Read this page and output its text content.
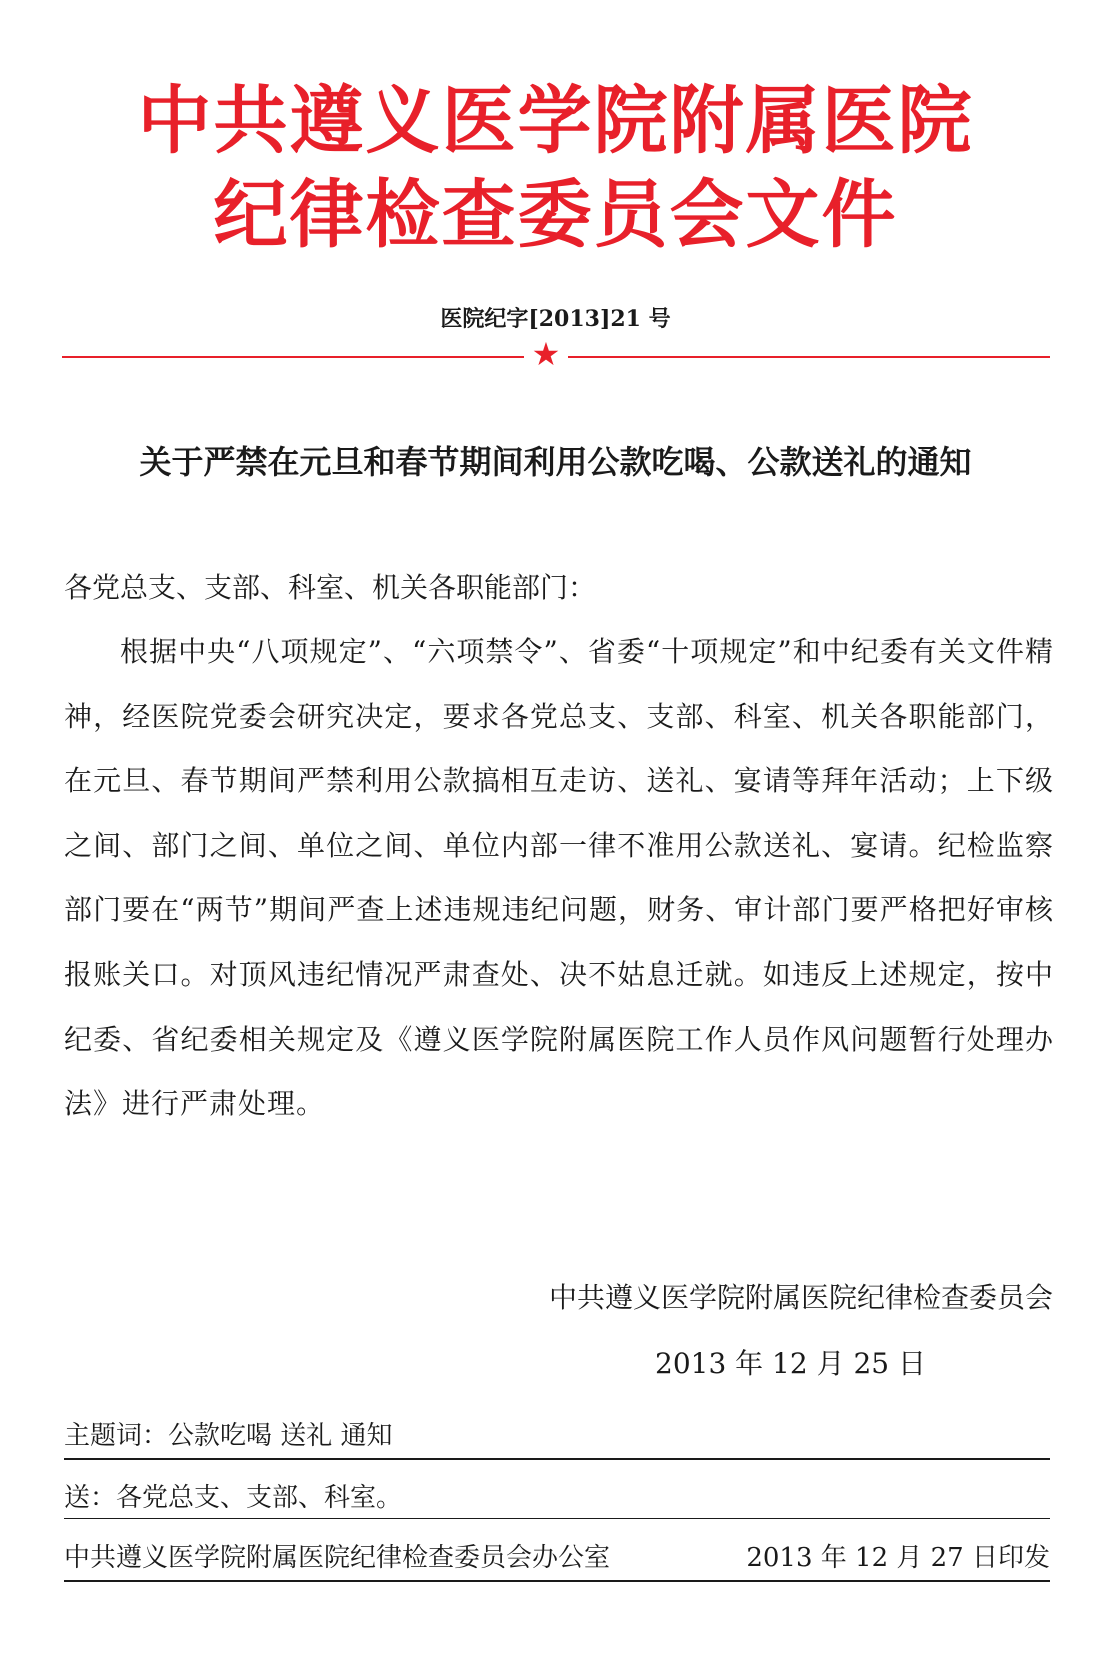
中共遵义医学院附属医院
纪律检查委员会文件
医院纪字[2013]21 号
★
关于严禁在元旦和春节期间利用公款吃喝、公款送礼的通知
各党总支、支部、科室、机关各职能部门：
根据中央“八项规定”、“六项禁令”、省委“十项规定”和中纪委有关文件精神，经医院党委会研究决定，要求各党总支、支部、科室、机关各职能部门，在元旦、春节期间严禁利用公款搞相互走访、送礼、宴请等拜年活动；上下级之间、部门之间、单位之间、单位内部一律不准用公款送礼、宴请。纪检监察部门要在“两节”期间严查上述违规违纪问题，财务、审计部门要严格把好审核报账关口。对顶风违纪情况严肃查处、决不姑息迁就。如违反上述规定，按中纪委、省纪委相关规定及《遵义医学院附属医院工作人员作风问题暂行处理办法》进行严肃处理。
中共遵义医学院附属医院纪律检查委员会
2013 年 12 月 25 日
主题词：公款吃喝 送礼 通知
送：各党总支、支部、科室。
中共遵义医学院附属医院纪律检查委员会办公室	2013 年 12 月 27 日印发
